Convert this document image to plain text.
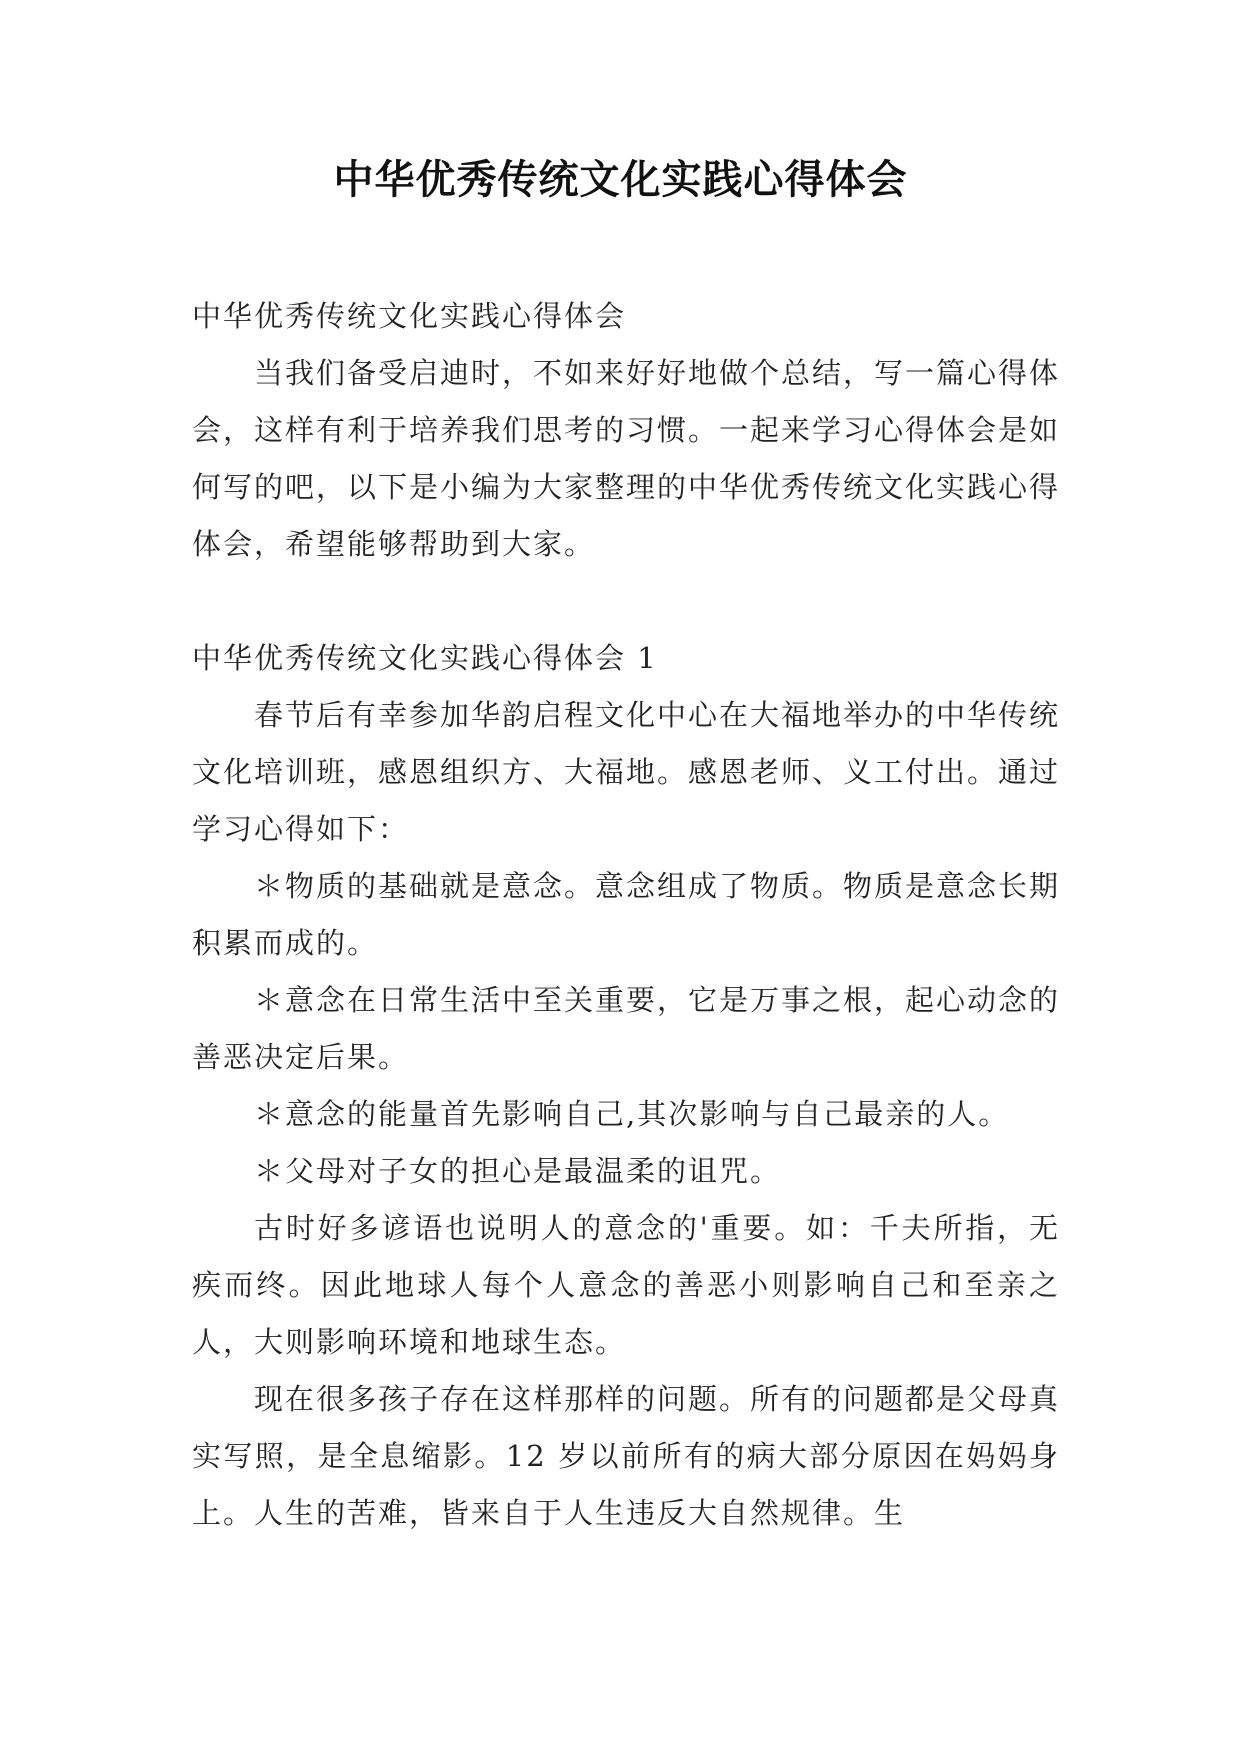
中华优秀传统文化实践心得体会

中华优秀传统文化实践心得体会

当我们备受启迪时，不如来好好地做个总结，写一篇心得体会，这样有利于培养我们思考的习惯。一起来学习心得体会是如何写的吧，以下是小编为大家整理的中华优秀传统文化实践心得体会，希望能够帮助到大家。

中华优秀传统文化实践心得体会 1

春节后有幸参加华韵启程文化中心在大福地举办的中华传统文化培训班，感恩组织方、大福地。感恩老师、义工付出。通过学习心得如下：

＊物质的基础就是意念。意念组成了物质。物质是意念长期积累而成的。

＊意念在日常生活中至关重要，它是万事之根，起心动念的善恶决定后果。

＊意念的能量首先影响自己,其次影响与自己最亲的人。

＊父母对子女的担心是最温柔的诅咒。

古时好多谚语也说明人的意念的'重要。如：千夫所指，无疾而终。因此地球人每个人意念的善恶小则影响自己和至亲之人，大则影响环境和地球生态。

现在很多孩子存在这样那样的问题。所有的问题都是父母真实写照，是全息缩影。12 岁以前所有的病大部分原因在妈妈身上。人生的苦难，皆来自于人生违反大自然规律。生
